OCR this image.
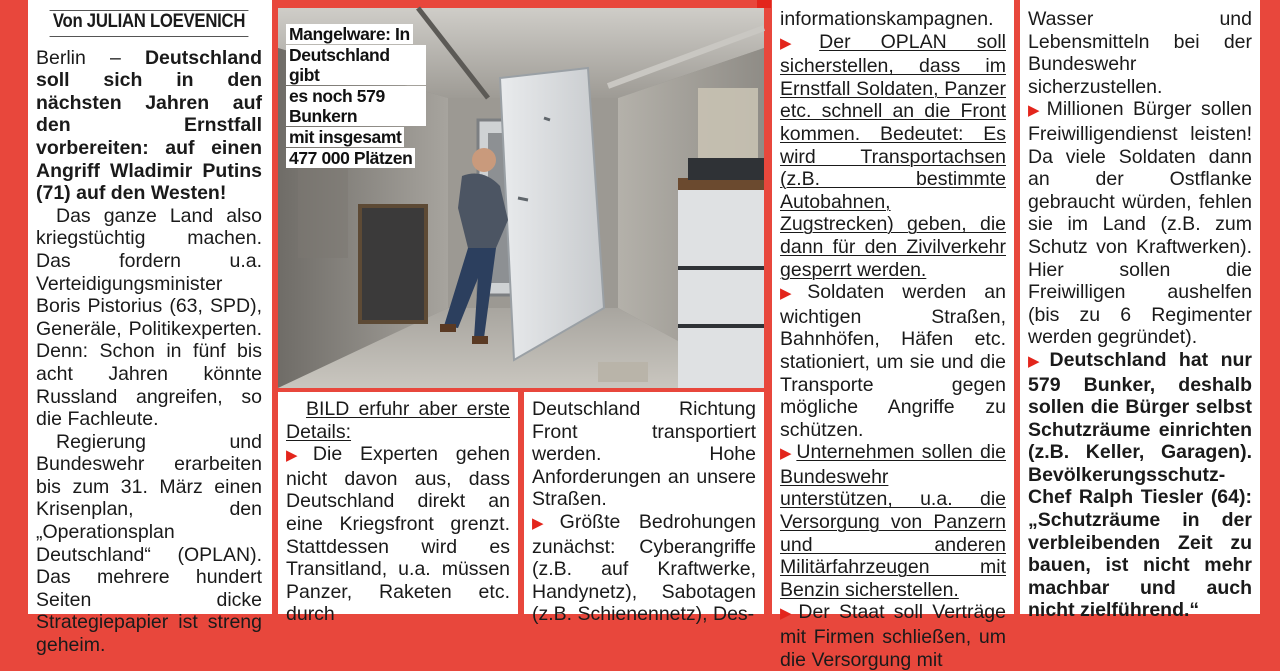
Von JULIAN LOEVENICH

Berlin – Deutschland soll sich in den nächsten Jahren auf den Ernstfall vorbereiten: auf einen Angriff Wladimir Putins (71) auf den Westen!

Das ganze Land also kriegstüchtig machen. Das fordern u.a. Verteidigungsminister Boris Pistorius (63, SPD), Generäle, Politikexperten. Denn: Schon in fünf bis acht Jahren könnte Russland angreifen, so die Fachleute.

Regierung und Bundeswehr erarbeiten bis zum 31. März einen Krisenplan, den „Operationsplan Deutschland“ (OPLAN). Das mehrere hundert Seiten dicke Strategiepapier ist streng geheim.

Mangelware: In
Deutschland gibt
es noch 579 Bunkern
mit insgesamt
477 000 Plätzen

BILD erfuhr aber erste Details:

▶ Die Experten gehen nicht davon aus, dass Deutschland direkt an eine Kriegsfront grenzt. Stattdessen wird es Transitland, u.a. müssen Panzer, Raketen etc. durch

Deutschland Richtung Front transportiert werden. Hohe Anforderungen an unsere Straßen.

▶ Größte Bedrohungen zunächst: Cyberangriffe (z.B. auf Kraftwerke, Handynetz), Sabotagen (z.B. Schienennetz), Des-

informationskampagnen.

▶ Der OPLAN soll sicherstellen, dass im Ernstfall Soldaten, Panzer etc. schnell an die Front kommen. Bedeutet: Es wird Transportachsen (z.B. bestimmte Autobahnen, Zugstrecken) geben, die dann für den Zivilverkehr gesperrt werden.

▶ Soldaten werden an wichtigen Straßen, Bahnhöfen, Häfen etc. stationiert, um sie und die Transporte gegen mögliche Angriffe zu schützen.

▶ Unternehmen sollen die Bundeswehr unterstützen, u.a. die Versorgung von Panzern und anderen Militärfahrzeugen mit Benzin sicherstellen.

▶ Der Staat soll Verträge mit Firmen schließen, um die Versorgung mit

Wasser und Lebensmitteln bei der Bundeswehr sicherzustellen.

▶ Millionen Bürger sollen Freiwilligendienst leisten! Da viele Soldaten dann an der Ostflanke gebraucht würden, fehlen sie im Land (z.B. zum Schutz von Kraftwerken). Hier sollen die Freiwilligen aushelfen (bis zu 6 Regimenter werden gegründet).

▶ Deutschland hat nur 579 Bunker, deshalb sollen die Bürger selbst Schutzräume einrichten (z.B. Keller, Garagen). Bevölkerungsschutz-Chef Ralph Tiesler (64): „Schutzräume in der verbleibenden Zeit zu bauen, ist nicht mehr machbar und auch nicht zielführend.“
